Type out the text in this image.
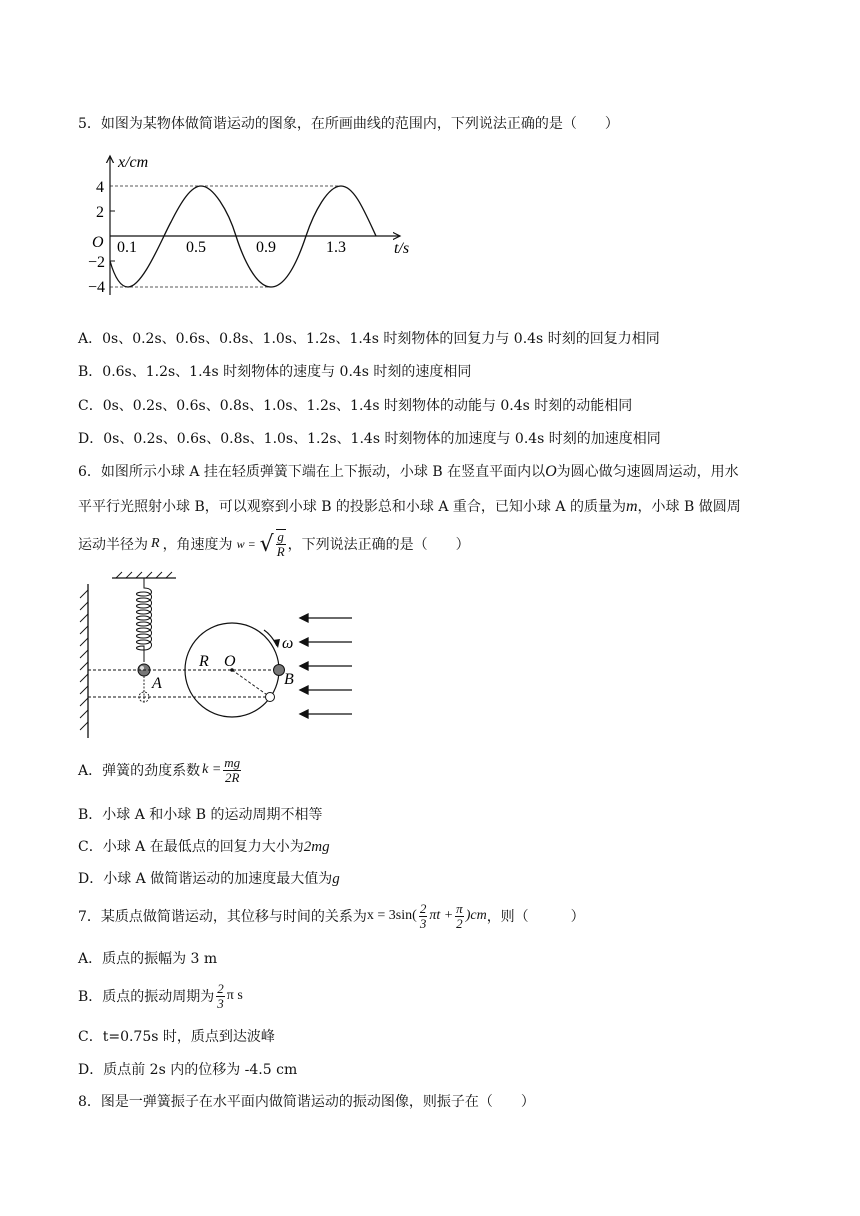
5．如图为某物体做简谐运动的图象，在所画曲线的范围内，下列说法正确的是（　　）
x/cm
t/s
O
4
2
−2
−4
0.1	0.5	0.9	1.3
A．0s、0.2s、0.6s、0.8s、1.0s、1.2s、1.4s 时刻物体的回复力与 0.4s 时刻的回复力相同
B．0.6s、1.2s、1.4s 时刻物体的速度与 0.4s 时刻的速度相同
C．0s、0.2s、0.6s、0.8s、1.0s、1.2s、1.4s 时刻物体的动能与 0.4s 时刻的动能相同
D．0s、0.2s、0.6s、0.8s、1.0s、1.2s、1.4s 时刻物体的加速度与 0.4s 时刻的加速度相同
6．如图所示小球 A 挂在轻质弹簧下端在上下振动，小球 B 在竖直平面内以O为圆心做匀速圆周运动，用水
平平行光照射小球 B，可以观察到小球 B 的投影总和小球 A 重合，已知小球 A 的质量为m，小球 B 做圆周
运动半径为 R ，角速度为 w = √ $\frac{g}{R}$ ，下列说法正确的是（　　）
R O
ω
A	B
A．弹簧的劲度系数 $k = \frac{mg}{2R}$
B．小球 A 和小球 B 的运动周期不相等
C．小球 A 在最低点的回复力大小为2mg
D．小球 A 做简谐运动的加速度最大值为g
7．某质点做简谐运动，其位移与时间的关系为 $x = 3\sin( \frac{2}{3}$ $\pi t + \frac{\pi}{2} )cm$ ，则（　　　）
A．质点的振幅为 3 m
B．质点的振动周期为 $\frac{2}{3}$ π s
C．t=0.75s 时，质点到达波峰
D．质点前 2s 内的位移为 -4.5 cm
8．图是一弹簧振子在水平面内做简谐运动的振动图像，则振子在（　　）
